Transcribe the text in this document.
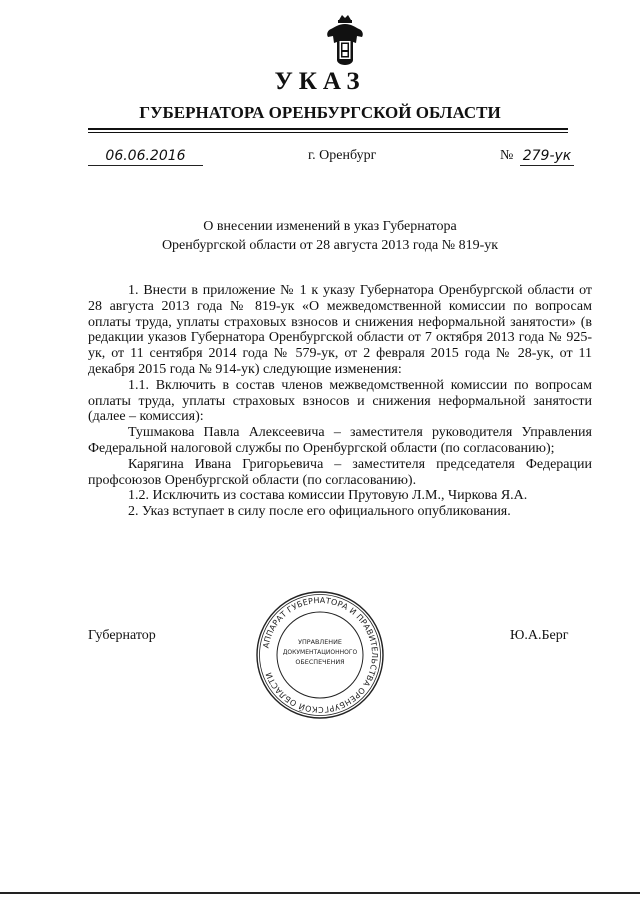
УКАЗ
ГУБЕРНАТОРА ОРЕНБУРГСКОЙ ОБЛАСТИ
06.06.2016	г. Оренбург	№ 279-ук
О внесении изменений в указ Губернатора
Оренбургской области от 28 августа 2013 года № 819-ук

1. Внести в приложение № 1 к указу Губернатора Оренбургской области от 28 августа 2013 года № 819-ук «О межведомственной комиссии по вопросам оплаты труда, уплаты страховых взносов и снижения неформальной занятости» (в редакции указов Губернатора Оренбургской области от 7 октября 2013 года № 925-ук, от 11 сентября 2014 года № 579-ук, от 2 февраля 2015 года № 28-ук, от 11 декабря 2015 года № 914-ук) следующие изменения:

1.1. Включить в состав членов межведомственной комиссии по вопросам оплаты труда, уплаты страховых взносов и снижения неформальной занятости (далее – комиссия):

Тушмакова Павла Алексеевича – заместителя руководителя Управления Федеральной налоговой службы по Оренбургской области (по согласованию);

Карягина Ивана Григорьевича – заместителя председателя Федерации профсоюзов Оренбургской области (по согласованию).

1.2. Исключить из состава комиссии Прутовую Л.М., Чиркова Я.А.

2. Указ вступает в силу после его официального опубликования.

Губернатор	Ю.А.Берг
АППАРАТ ГУБЕРНАТОРА И ПРАВИТЕЛЬСТВА ОРЕНБУРГСКОЙ ОБЛАСТИ
УПРАВЛЕНИЕ
ДОКУМЕНТАЦИОННОГО
ОБЕСПЕЧЕНИЯ
